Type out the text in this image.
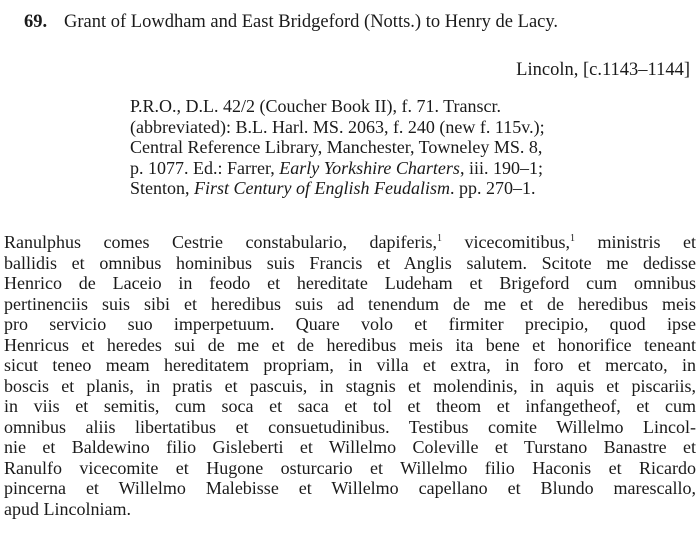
69. Grant of Lowdham and East Bridgeford (Notts.) to Henry de Lacy.
Lincoln, [c.1143–1144]
P.R.O., D.L. 42/2 (Coucher Book II), f. 71. Transcr.
(abbreviated): B.L. Harl. MS. 2063, f. 240 (new f. 115v.);
Central Reference Library, Manchester, Towneley MS. 8,
p. 1077. Ed.: Farrer, Early Yorkshire Charters, iii. 190–1;
Stenton, First Century of English Feudalism. pp. 270–1.
Ranulphus comes Cestrie constabulario, dapiferis,$^1$ vicecomitibus,$^1$ ministris et
ballidis et omnibus hominibus suis Francis et Anglis salutem. Scitote me dedisse
Henrico de Laceio in feodo et hereditate Ludeham et Brigeford cum omnibus
pertinenciis suis sibi et heredibus suis ad tenendum de me et de heredibus meis
pro servicio suo imperpetuum. Quare volo et firmiter precipio, quod ipse
Henricus et heredes sui de me et de heredibus meis ita bene et honorifice teneant
sicut teneo meam hereditatem propriam, in villa et extra, in foro et mercato, in
boscis et planis, in pratis et pascuis, in stagnis et molendinis, in aquis et piscariis,
in viis et semitis, cum soca et saca et tol et theom et infangetheof, et cum
omnibus aliis libertatibus et consuetudinibus. Testibus comite Willelmo Lincol-
nie et Baldewino filio Gisleberti et Willelmo Coleville et Turstano Banastre et
Ranulfo vicecomite et Hugone osturcario et Willelmo filio Haconis et Ricardo
pincerna et Willelmo Malebisse et Willelmo capellano et Blundo marescallo,
apud Lincolniam.
